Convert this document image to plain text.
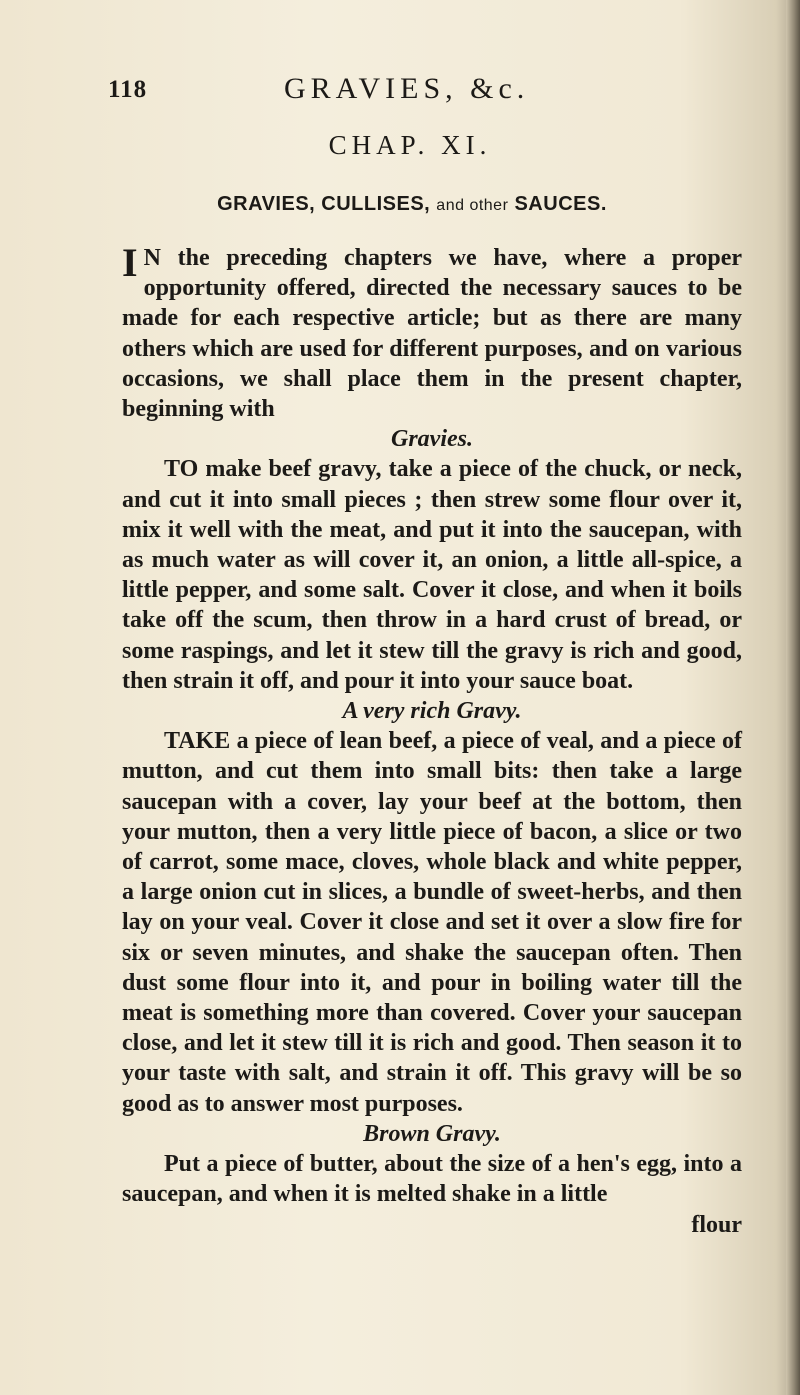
118	GRAVIES, &c.
CHAP. XI.
GRAVIES, CULLISES, and other SAUCES.

I N the preceding chapters we have, where a proper opportunity offered, directed the necessary sauces to be made for each respective article; but as there are many others which are used for different purposes, and on various occasions, we shall place them in the present chapter, beginning with

Gravies.

TO make beef gravy, take a piece of the chuck, or neck, and cut it into small pieces ; then strew some flour over it, mix it well with the meat, and put it into the saucepan, with as much water as will cover it, an onion, a little all-spice, a little pepper, and some salt. Cover it close, and when it boils take off the scum, then throw in a hard crust of bread, or some raspings, and let it stew till the gravy is rich and good, then strain it off, and pour it into your sauce boat.

A very rich Gravy.

TAKE a piece of lean beef, a piece of veal, and a piece of mutton, and cut them into small bits: then take a large saucepan with a cover, lay your beef at the bottom, then your mutton, then a very little piece of bacon, a slice or two of carrot, some mace, cloves, whole black and white pepper, a large onion cut in slices, a bundle of sweet-herbs, and then lay on your veal. Cover it close and set it over a slow fire for six or seven minutes, and shake the saucepan often. Then dust some flour into it, and pour in boiling water till the meat is something more than covered. Cover your saucepan close, and let it stew till it is rich and good. Then season it to your taste with salt, and strain it off. This gravy will be so good as to answer most purposes.

Brown Gravy.

Put a piece of butter, about the size of a hen's egg, into a saucepan, and when it is melted shake in a little

flour
